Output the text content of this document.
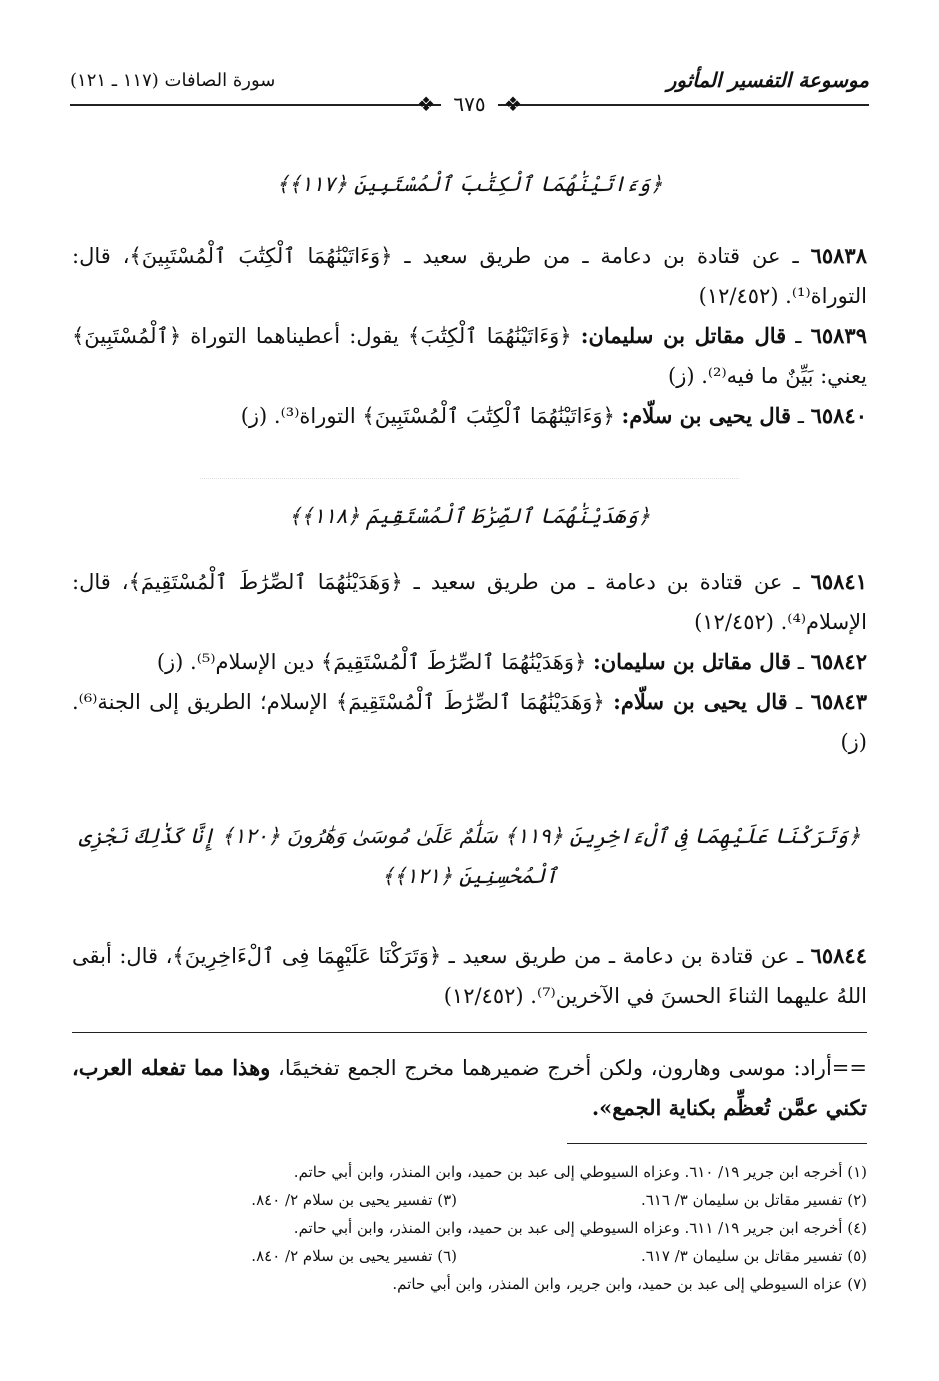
موسوعة التفسير المأثور
سورة الصافات (١١٧ ـ ١٢١)
❖ ٦٧٥ ❖
﴿وَءَاتَيْنَٰهُمَا ٱلْكِتَٰبَ ٱلْمُسْتَبِينَ ﴿١١٧﴾﴾

٦٥٨٣٨ ـ عن قتادة بن دعامة ـ من طريق سعيد ـ ﴿وَءَاتَيْنَٰهُمَا ٱلْكِتَٰبَ ٱلْمُسْتَبِينَ﴾، قال: التوراة⁽¹⁾. (١٢/٤٥٢)

٦٥٨٣٩ ـ قال مقاتل بن سليمان: ﴿وَءَاتَيْنَٰهُمَا ٱلْكِتَٰبَ﴾ يقول: أعطيناهما التوراة ﴿ٱلْمُسْتَبِينَ﴾ يعني: بَيِّنٌ ما فيه⁽²⁾. (ز)

٦٥٨٤٠ ـ قال يحيى بن سلّام: ﴿وَءَاتَيْنَٰهُمَا ٱلْكِتَٰبَ ٱلْمُسْتَبِينَ﴾ التوراة⁽³⁾. (ز)

﴿وَهَدَيْنَٰهُمَا ٱلصِّرَٰطَ ٱلْمُسْتَقِيمَ ﴿١١٨﴾﴾

٦٥٨٤١ ـ عن قتادة بن دعامة ـ من طريق سعيد ـ ﴿وَهَدَيْنَٰهُمَا ٱلصِّرَٰطَ ٱلْمُسْتَقِيمَ﴾، قال: الإسلام⁽⁴⁾. (١٢/٤٥٢)

٦٥٨٤٢ ـ قال مقاتل بن سليمان: ﴿وَهَدَيْنَٰهُمَا ٱلصِّرَٰطَ ٱلْمُسْتَقِيمَ﴾ دين الإسلام⁽⁵⁾. (ز)

٦٥٨٤٣ ـ قال يحيى بن سلّام: ﴿وَهَدَيْنَٰهُمَا ٱلصِّرَٰطَ ٱلْمُسْتَقِيمَ﴾ الإسلام؛ الطريق إلى الجنة⁽⁶⁾. (ز)

﴿وَتَرَكْنَا عَلَيْهِمَا فِى ٱلْءَاخِرِينَ ﴿١١٩﴾ سَلَٰمٌ عَلَىٰ مُوسَىٰ وَهَٰرُونَ ﴿١٢٠﴾ إِنَّا كَذَٰلِكَ نَجْزِى ٱلْمُحْسِنِينَ ﴿١٢١﴾﴾

٦٥٨٤٤ ـ عن قتادة بن دعامة ـ من طريق سعيد ـ ﴿وَتَرَكْنَا عَلَيْهِمَا فِى ٱلْءَاخِرِينَ﴾، قال: أبقى اللهُ عليهما الثناءَ الحسنَ في الآخرين⁽⁷⁾. (١٢/٤٥٢)

==أراد: موسى وهارون، ولكن أخرج ضميرهما مخرج الجمع تفخيمًا، وهذا مما تفعله العرب، تكني عمَّن تُعظِّم بكناية الجمع».

(١) أخرجه ابن جرير ١٩/ ٦١٠. وعزاه السيوطي إلى عبد بن حميد، وابن المنذر، وابن أبي حاتم.
(٢) تفسير مقاتل بن سليمان ٣/ ٦١٦.
(٣) تفسير يحيى بن سلام ٢/ ٨٤٠.
(٤) أخرجه ابن جرير ١٩/ ٦١١. وعزاه السيوطي إلى عبد بن حميد، وابن المنذر، وابن أبي حاتم.
(٥) تفسير مقاتل بن سليمان ٣/ ٦١٧.
(٦) تفسير يحيى بن سلام ٢/ ٨٤٠.
(٧) عزاه السيوطي إلى عبد بن حميد، وابن جرير، وابن المنذر، وابن أبي حاتم.
